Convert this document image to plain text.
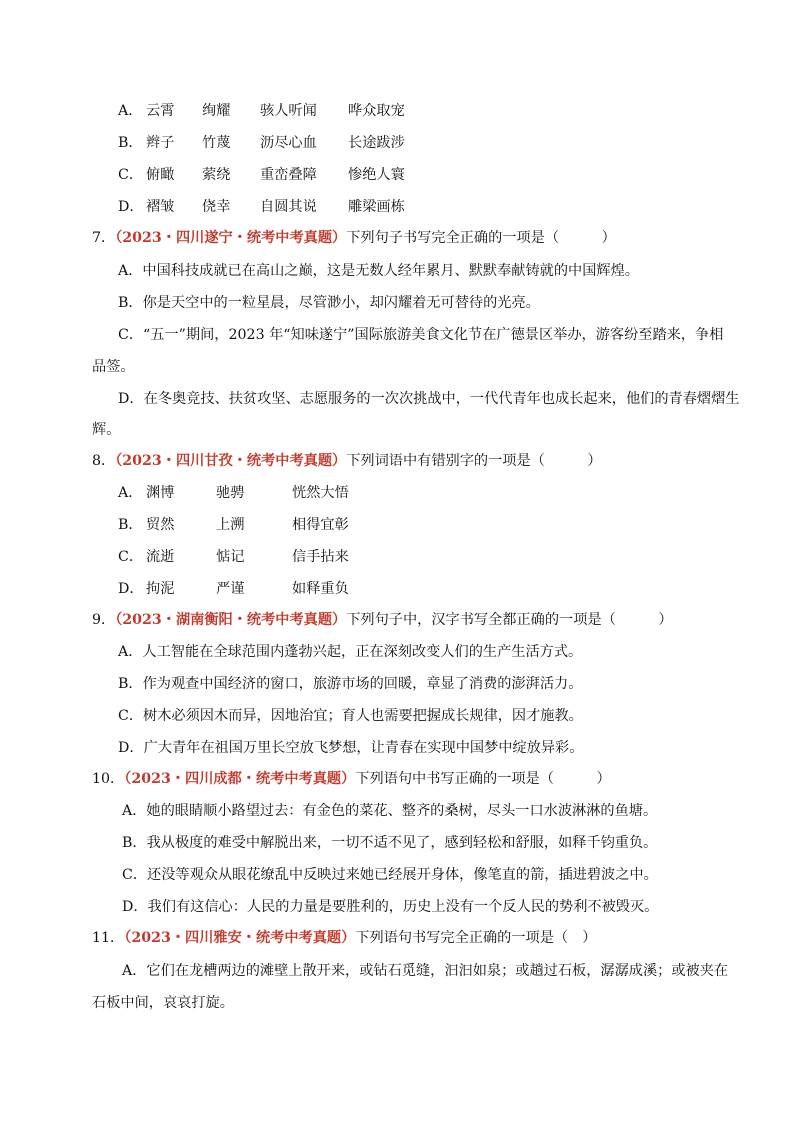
A． 云霄 绚耀 骇人听闻 哗众取宠
B． 辫子 竹蔑 沥尽心血 长途跋涉
C． 俯瞰 萦绕 重峦叠障 惨绝人寰
D． 褶皱 侥幸 自圆其说 雕梁画栋
7．（2023・四川遂宁・统考中考真题）下列句子书写完全正确的一项是（　　　）
A．中国科技成就已在高山之巅，这是无数人经年累月、默默奉献铸就的中国辉煌。
B．你是天空中的一粒星晨，尽管渺小，却闪耀着无可替待的光亮。
C．“五一”期间，2023 年“知味遂宁”国际旅游美食文化节在广德景区举办，游客纷至踏来，争相
品签。
D．在冬奥竞技、扶贫攻坚、志愿服务的一次次挑战中，一代代青年也成长起来，他们的青春熠熠生
辉。
8．（2023・四川甘孜・统考中考真题）下列词语中有错别字的一项是（　　　）
A． 渊博	驰骋	恍然大悟
B． 贸然	上溯	相得宜彰
C． 流逝	惦记	信手拈来
D． 拘泥	严谨	如释重负
9．（2023・湖南衡阳・统考中考真题）下列句子中，汉字书写全都正确的一项是（　　　）
A．人工智能在全球范围内蓬勃兴起，正在深刻改变人们的生产生活方式。
B．作为观查中国经济的窗口，旅游市场的回暖，章显了消费的澎湃活力。
C．树木必须因木而异，因地治宜；育人也需要把握成长规律，因才施教。
D．广大青年在祖国万里长空放飞梦想，让青春在实现中国梦中绽放异彩。
10．（2023・四川成都・统考中考真题）下列语句中书写正确的一项是（　　　）
A．她的眼睛顺小路望过去：有金色的菜花、整齐的桑树，尽头一口水波淋淋的鱼塘。
B．我从极度的难受中解脱出来，一切不适不见了，感到轻松和舒服，如释千钧重负。
C．还没等观众从眼花缭乱中反映过来她已经展开身体，像笔直的箭，插进碧波之中。
D．我们有这信心：人民的力量是要胜利的，历史上没有一个反人民的势利不被毁灭。
11．（2023・四川雅安・统考中考真题）下列语句书写完全正确的一项是（　）
A．它们在龙槽两边的滩壁上散开来，或钻石觅缝，汩汩如泉；或趟过石板，潺潺成溪；或被夹在
石板中间，哀哀打旋。
